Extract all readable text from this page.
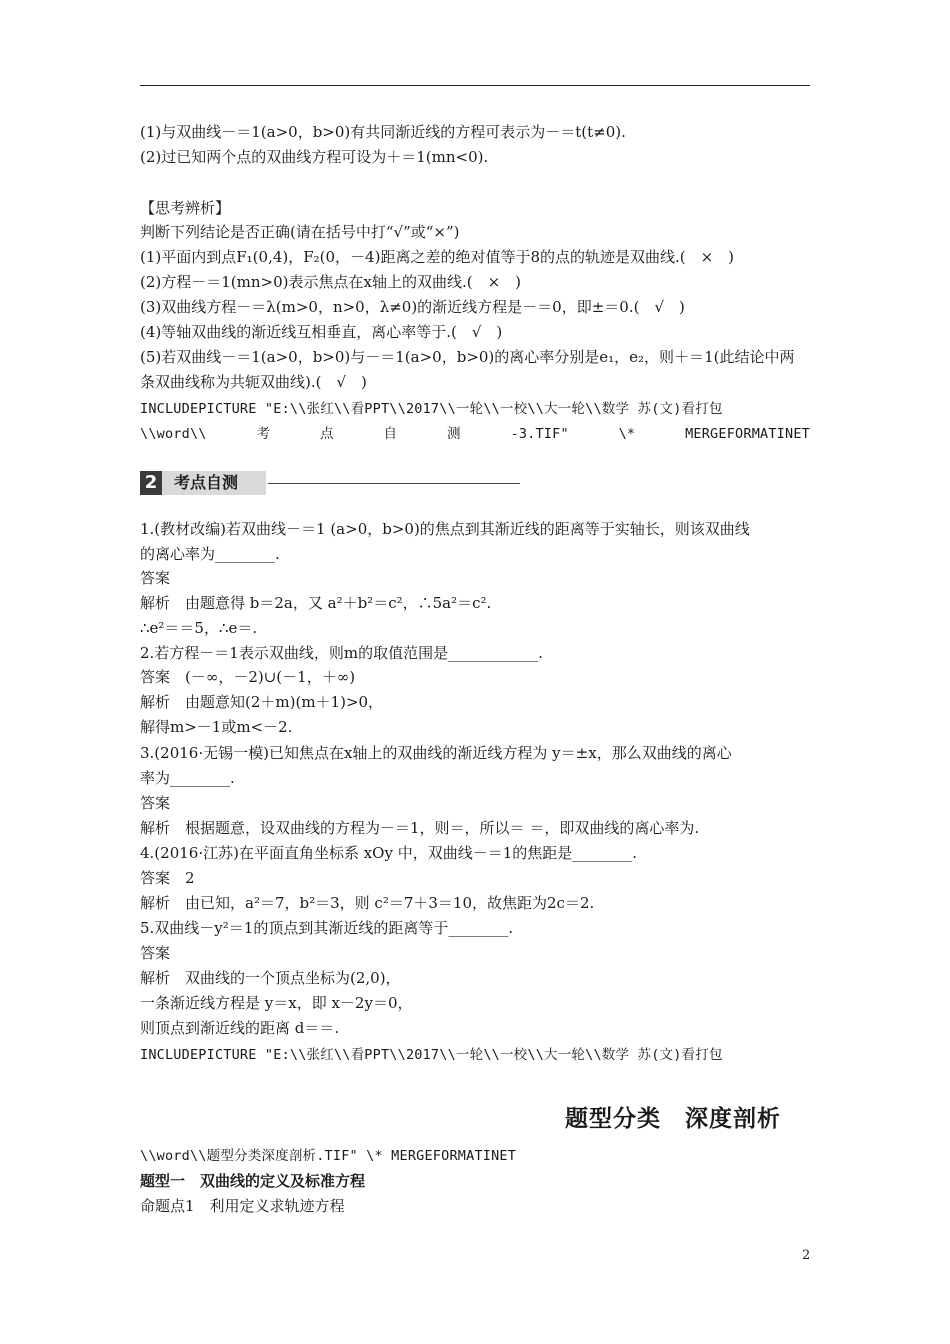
(1)与双曲线－＝1(a>0，b>0)有共同渐近线的方程可表示为－＝t(t≠0).
(2)过已知两个点的双曲线方程可设为＋＝1(mn<0).
【思考辨析】
判断下列结论是否正确(请在括号中打“√”或“×”)
(1)平面内到点F₁(0,4)，F₂(0，－4)距离之差的绝对值等于8的点的轨迹是双曲线.(　×　)
(2)方程－＝1(mn>0)表示焦点在x轴上的双曲线.(　×　)
(3)双曲线方程－＝λ(m>0，n>0，λ≠0)的渐近线方程是－＝0，即±＝0.(　√　)
(4)等轴双曲线的渐近线互相垂直，离心率等于.(　√　)
(5)若双曲线－＝1(a>0，b>0)与－＝1(a>0，b>0)的离心率分别是e₁，e₂，则＋＝1(此结论中两
条双曲线称为共轭双曲线).(　√　)
INCLUDEPICTURE "E:\\张红\\看PPT\\2017\\一轮\\一校\\大一轮\\数学 苏(文)看打包
\\word\\	考	点	自	测	-3.TIF"	\*	MERGEFORMATINET
2	考点自测
1.(教材改编)若双曲线－＝1 (a>0，b>0)的焦点到其渐近线的距离等于实轴长，则该双曲线
的离心率为________.
答案
解析　由题意得 b＝2a，又 a²＋b²＝c²，∴5a²＝c².
∴e²＝＝5，∴e＝.
2.若方程－＝1表示双曲线，则m的取值范围是____________.
答案　(－∞，－2)∪(－1，＋∞)
解析　由题意知(2＋m)(m＋1)>0，
解得m>－1或m<－2.
3.(2016·无锡一模)已知焦点在x轴上的双曲线的渐近线方程为 y＝±x，那么双曲线的离心
率为________.
答案
解析　根据题意，设双曲线的方程为－＝1，则＝，所以＝ ＝，即双曲线的离心率为.
4.(2016·江苏)在平面直角坐标系 xOy 中，双曲线－＝1的焦距是________.
答案　2
解析　由已知，a²＝7，b²＝3，则 c²＝7＋3＝10，故焦距为2c＝2.
5.双曲线－y²＝1的顶点到其渐近线的距离等于________.
答案
解析　双曲线的一个顶点坐标为(2,0)，
一条渐近线方程是 y＝x，即 x－2y＝0，
则顶点到渐近线的距离 d＝＝.
INCLUDEPICTURE "E:\\张红\\看PPT\\2017\\一轮\\一校\\大一轮\\数学 苏(文)看打包
题型分类　深度剖析
\\word\\题型分类深度剖析.TIF" \* MERGEFORMATINET
题型一　双曲线的定义及标准方程
命题点1　利用定义求轨迹方程
2
